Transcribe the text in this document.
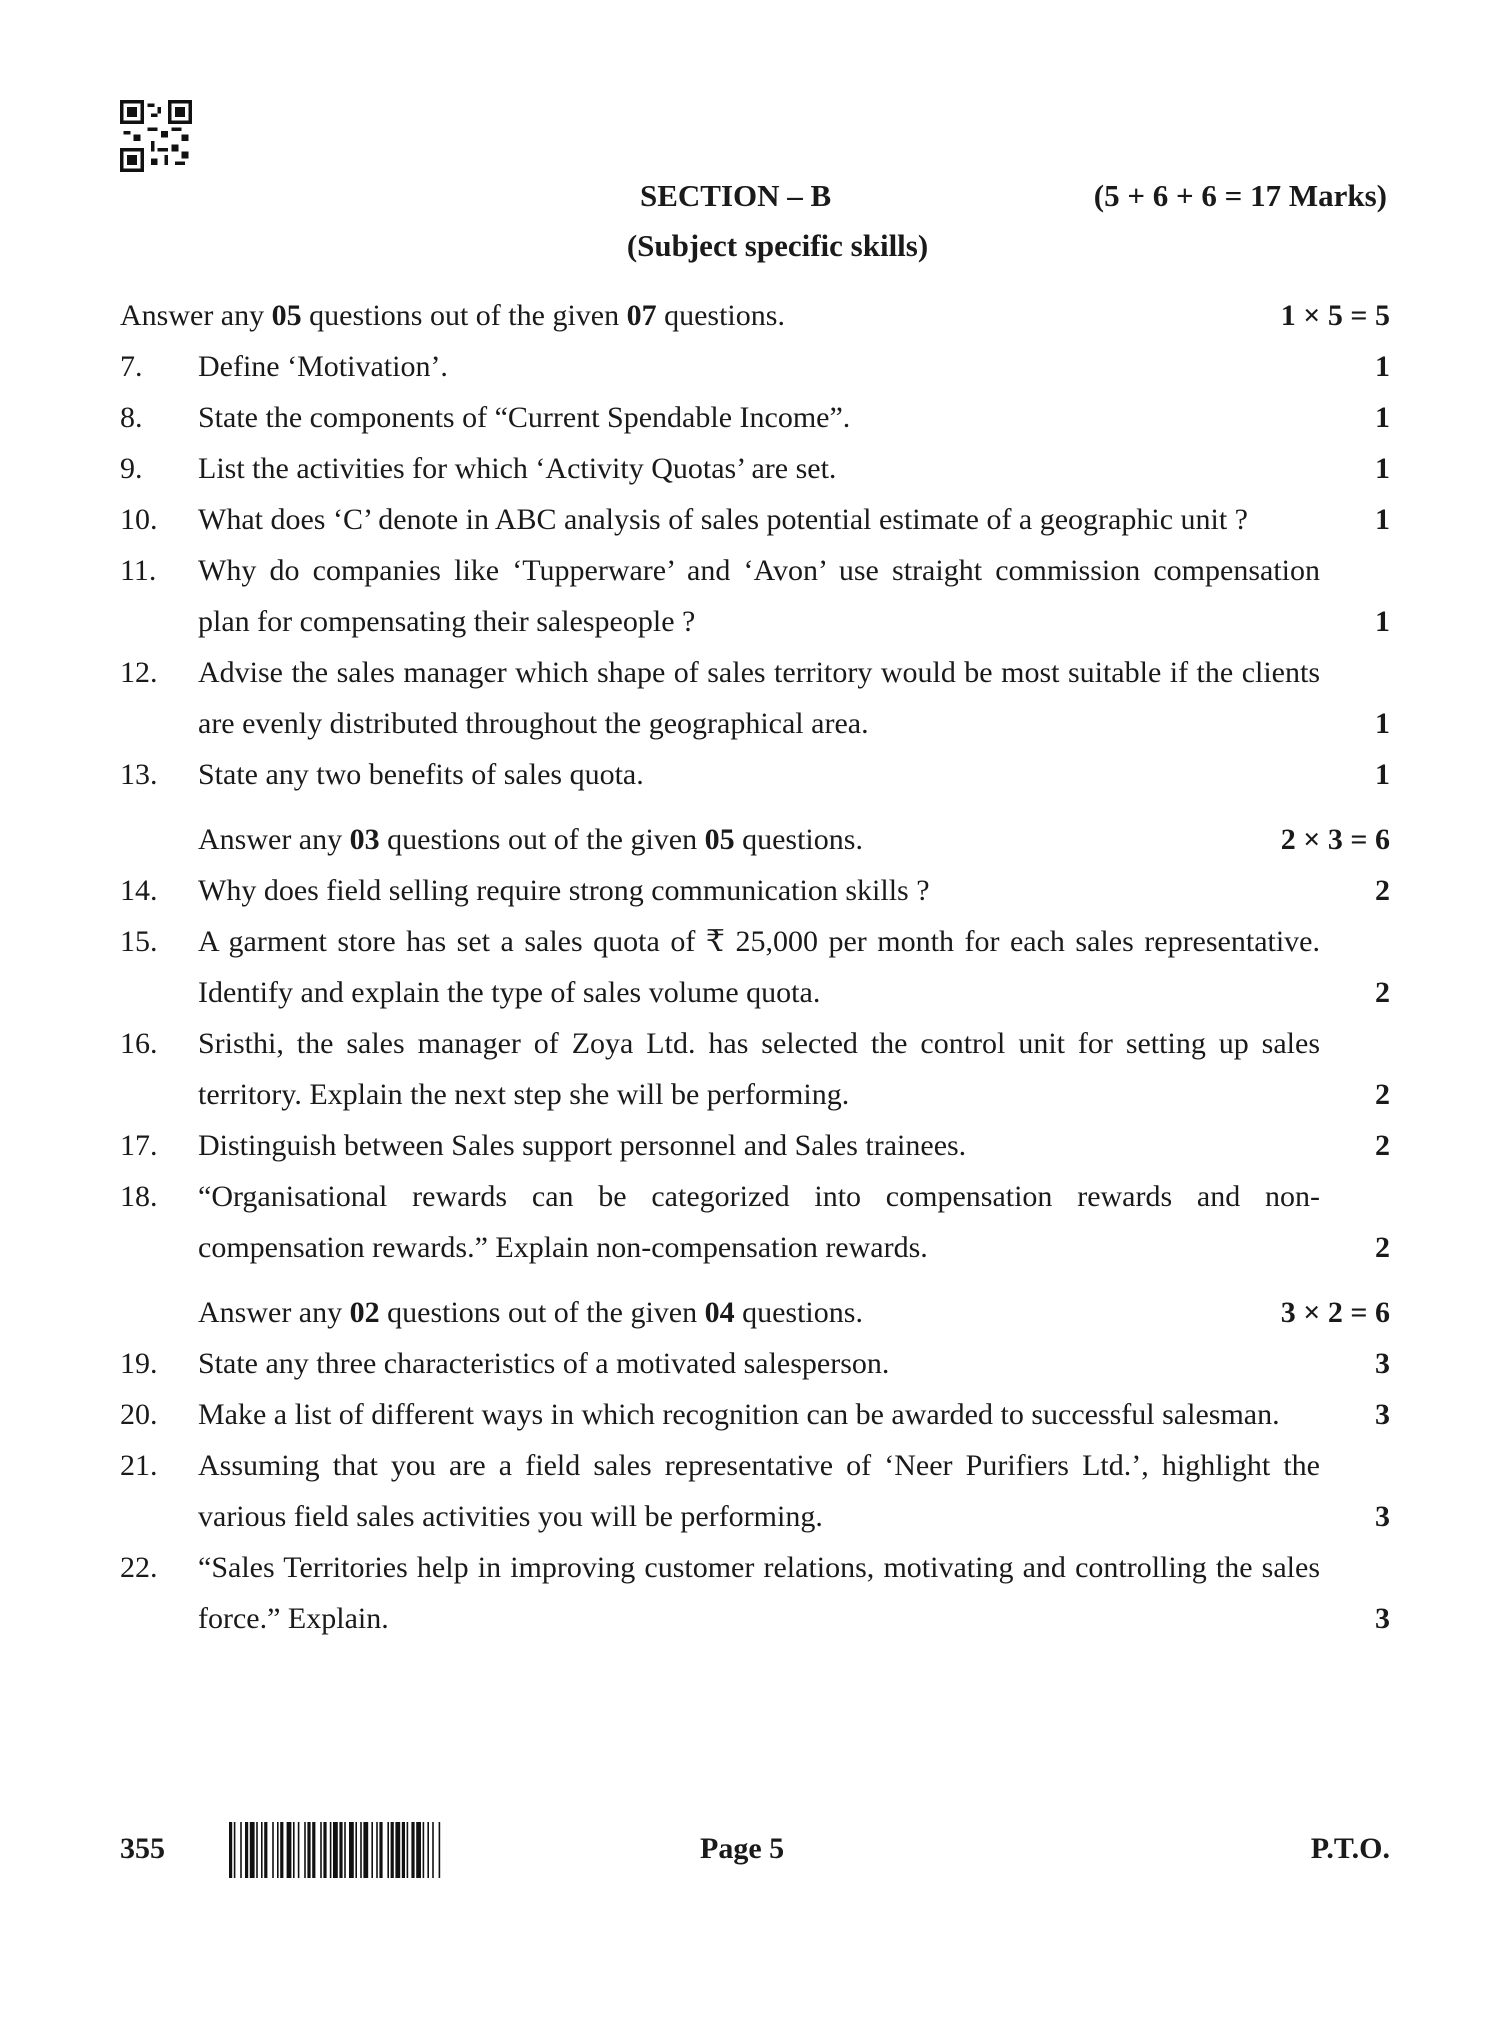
SECTION – B	(5 + 6 + 6 = 17 Marks)
(Subject specific skills)
Answer any 05 questions out of the given 07 questions.	1 × 5 = 5
7.	Define ‘Motivation’.	1
8.	State the components of “Current Spendable Income”.	1
9.	List the activities for which ‘Activity Quotas’ are set.	1
10.	What does ‘C’ denote in ABC analysis of sales potential estimate of a geographic unit ?	1
11.	Why do companies like ‘Tupperware’ and ‘Avon’ use straight commission compensation plan for compensating their salespeople ?	1
12.	Advise the sales manager which shape of sales territory would be most suitable if the clients are evenly distributed throughout the geographical area.	1
13.	State any two benefits of sales quota.	1
Answer any 03 questions out of the given 05 questions.	2 × 3 = 6
14.	Why does field selling require strong communication skills ?	2
15.	A garment store has set a sales quota of ₹ 25,000 per month for each sales representative. Identify and explain the type of sales volume quota.	2
16.	Sristhi, the sales manager of Zoya Ltd. has selected the control unit for setting up sales territory. Explain the next step she will be performing.	2
17.	Distinguish between Sales support personnel and Sales trainees.	2
18.	“Organisational rewards can be categorized into compensation rewards and non-compensation rewards.” Explain non-compensation rewards.	2
Answer any 02 questions out of the given 04 questions.	3 × 2 = 6
19.	State any three characteristics of a motivated salesperson.	3
20.	Make a list of different ways in which recognition can be awarded to successful salesman.	3
21.	Assuming that you are a field sales representative of ‘Neer Purifiers Ltd.’, highlight the various field sales activities you will be performing.	3
22.	“Sales Territories help in improving customer relations, motivating and controlling the sales force.” Explain.	3
355	Page 5	P.T.O.
